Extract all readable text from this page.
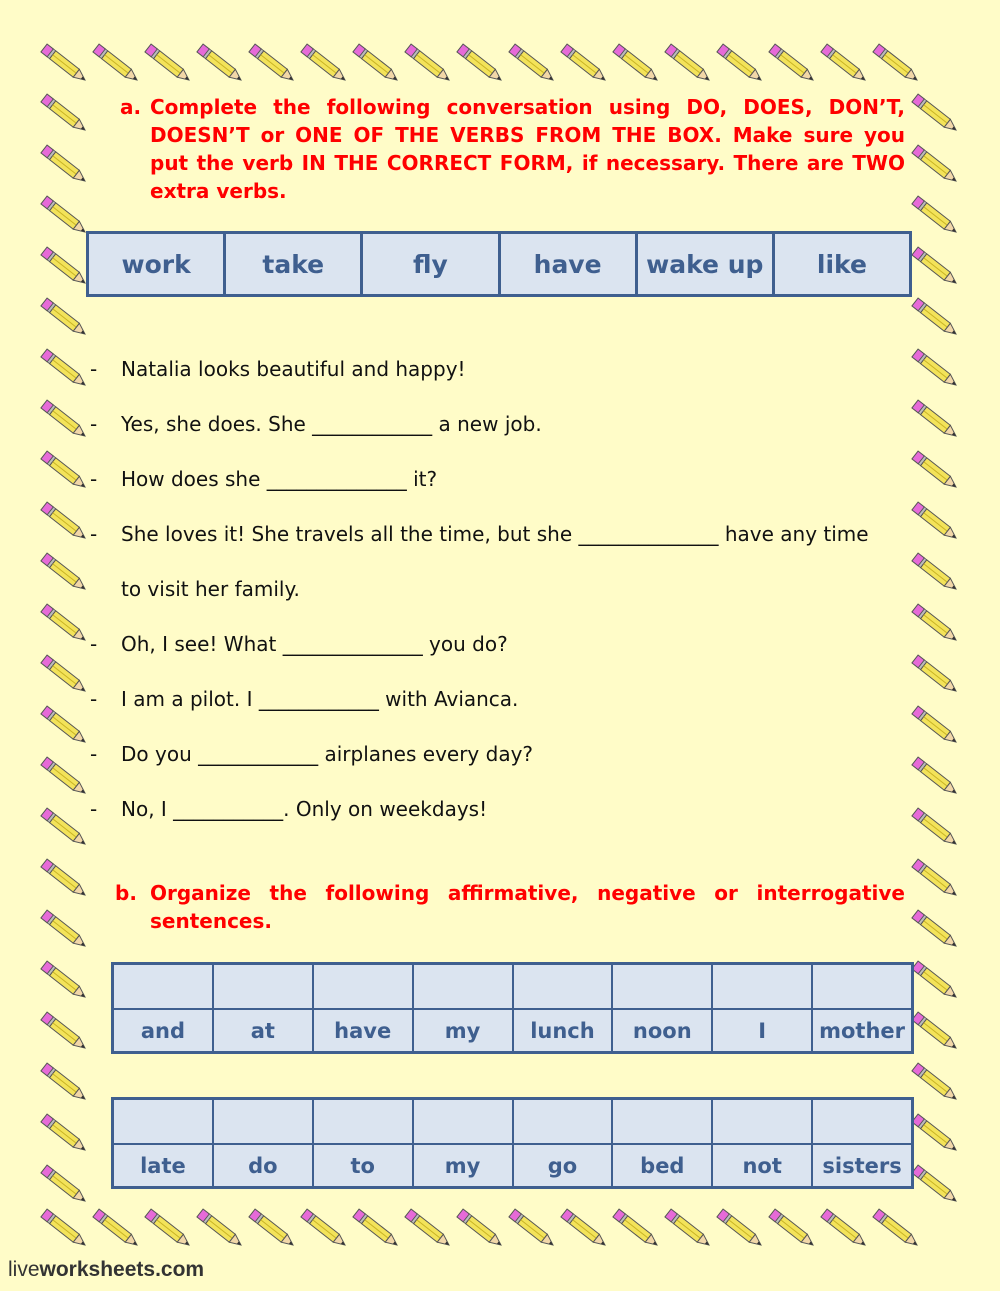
a. Complete the following conversation using DO, DOES, DON’T, DOESN’T or ONE OF THE VERBS FROM THE BOX. Make sure you put the verb IN THE CORRECT FORM, if necessary. There are TWO extra verbs.
work	take	fly	have	wake up	like
-	Natalia looks beautiful and happy!
-	Yes, she does. She ____________ a new job.
-	How does she ______________ it?
-	She loves it! She travels all the time, but she ______________ have any time
to visit her family.
-	Oh, I see! What ______________ you do?
-	I am a pilot. I ____________ with Avianca.
-	Do you ____________ airplanes every day?
-	No, I ___________. Only on weekdays!
b. Organize the following affirmative, negative or interrogative sentences.
and	at	have	my	lunch	noon	I	mother
late	do	to	my	go	bed	not	sisters
liveworksheets.com
